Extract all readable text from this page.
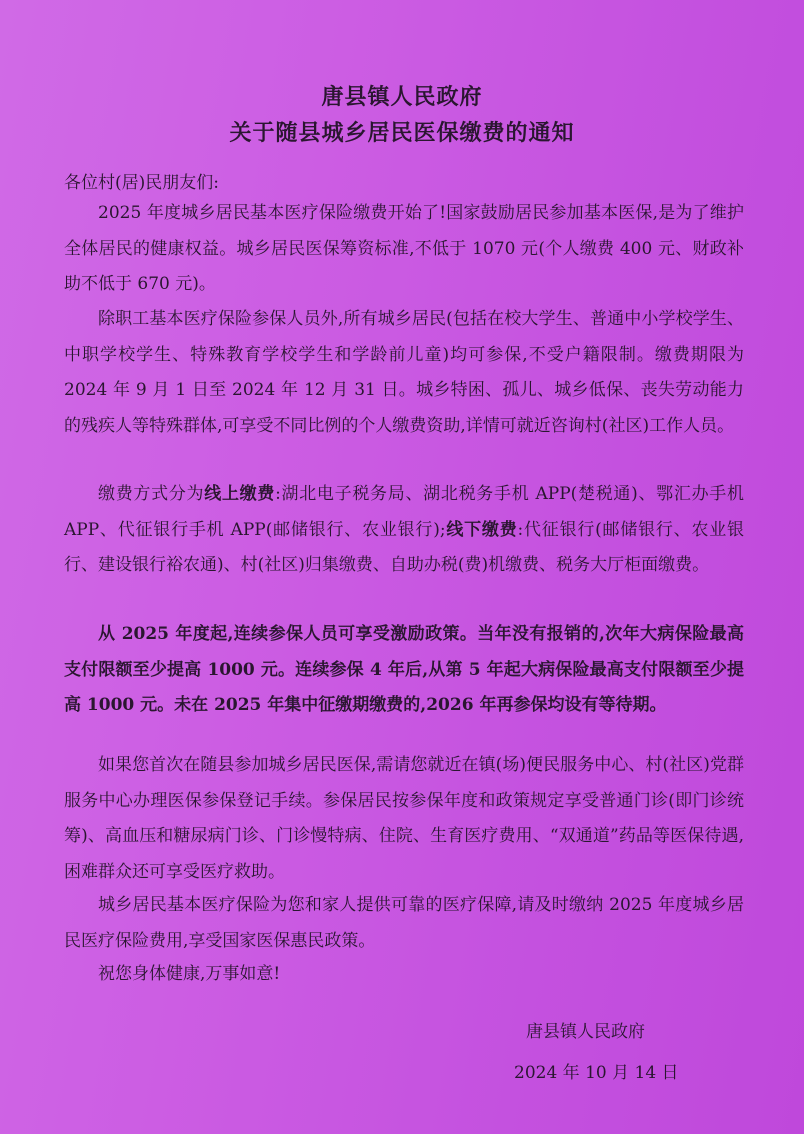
唐县镇人民政府
关于随县城乡居民医保缴费的通知
各位村(居)民朋友们:
2025 年度城乡居民基本医疗保险缴费开始了!国家鼓励居民参加基本医保,是为了维护全体居民的健康权益。城乡居民医保筹资标准,不低于 1070 元(个人缴费 400 元、财政补助不低于 670 元)。
除职工基本医疗保险参保人员外,所有城乡居民(包括在校大学生、普通中小学校学生、中职学校学生、特殊教育学校学生和学龄前儿童)均可参保,不受户籍限制。缴费期限为 2024 年 9 月 1 日至 2024 年 12 月 31 日。城乡特困、孤儿、城乡低保、丧失劳动能力的残疾人等特殊群体,可享受不同比例的个人缴费资助,详情可就近咨询村(社区)工作人员。
缴费方式分为线上缴费:湖北电子税务局、湖北税务手机 APP(楚税通)、鄂汇办手机 APP、代征银行手机 APP(邮储银行、农业银行);线下缴费:代征银行(邮储银行、农业银行、建设银行裕农通)、村(社区)归集缴费、自助办税(费)机缴费、税务大厅柜面缴费。
从 2025 年度起,连续参保人员可享受激励政策。当年没有报销的,次年大病保险最高支付限额至少提高 1000 元。连续参保 4 年后,从第 5 年起大病保险最高支付限额至少提高 1000 元。未在 2025 年集中征缴期缴费的,2026 年再参保均设有等待期。
如果您首次在随县参加城乡居民医保,需请您就近在镇(场)便民服务中心、村(社区)党群服务中心办理医保参保登记手续。参保居民按参保年度和政策规定享受普通门诊(即门诊统筹)、高血压和糖尿病门诊、门诊慢特病、住院、生育医疗费用、“双通道”药品等医保待遇,困难群众还可享受医疗救助。
城乡居民基本医疗保险为您和家人提供可靠的医疗保障,请及时缴纳 2025 年度城乡居民医疗保险费用,享受国家医保惠民政策。
祝您身体健康,万事如意!
唐县镇人民政府
2024 年 10 月 14 日
